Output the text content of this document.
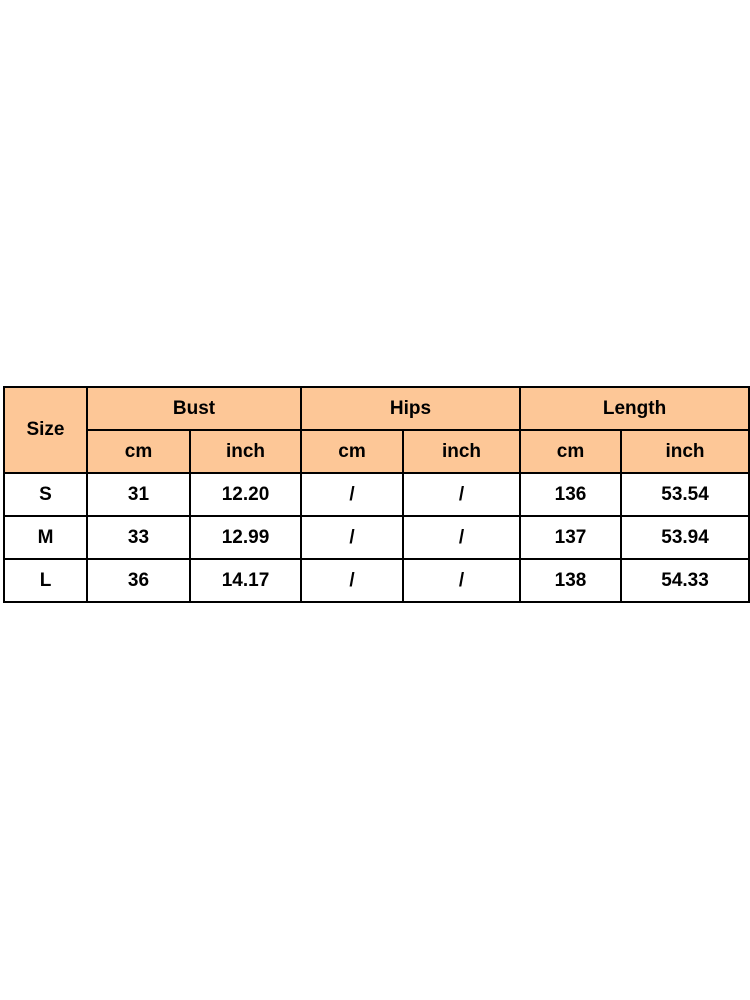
Size	Bust		Hips		Length	
	cm	inch	cm	inch	cm	inch
S	31	12.20	/	/	136	53.54
M	33	12.99	/	/	137	53.94
L	36	14.17	/	/	138	54.33
